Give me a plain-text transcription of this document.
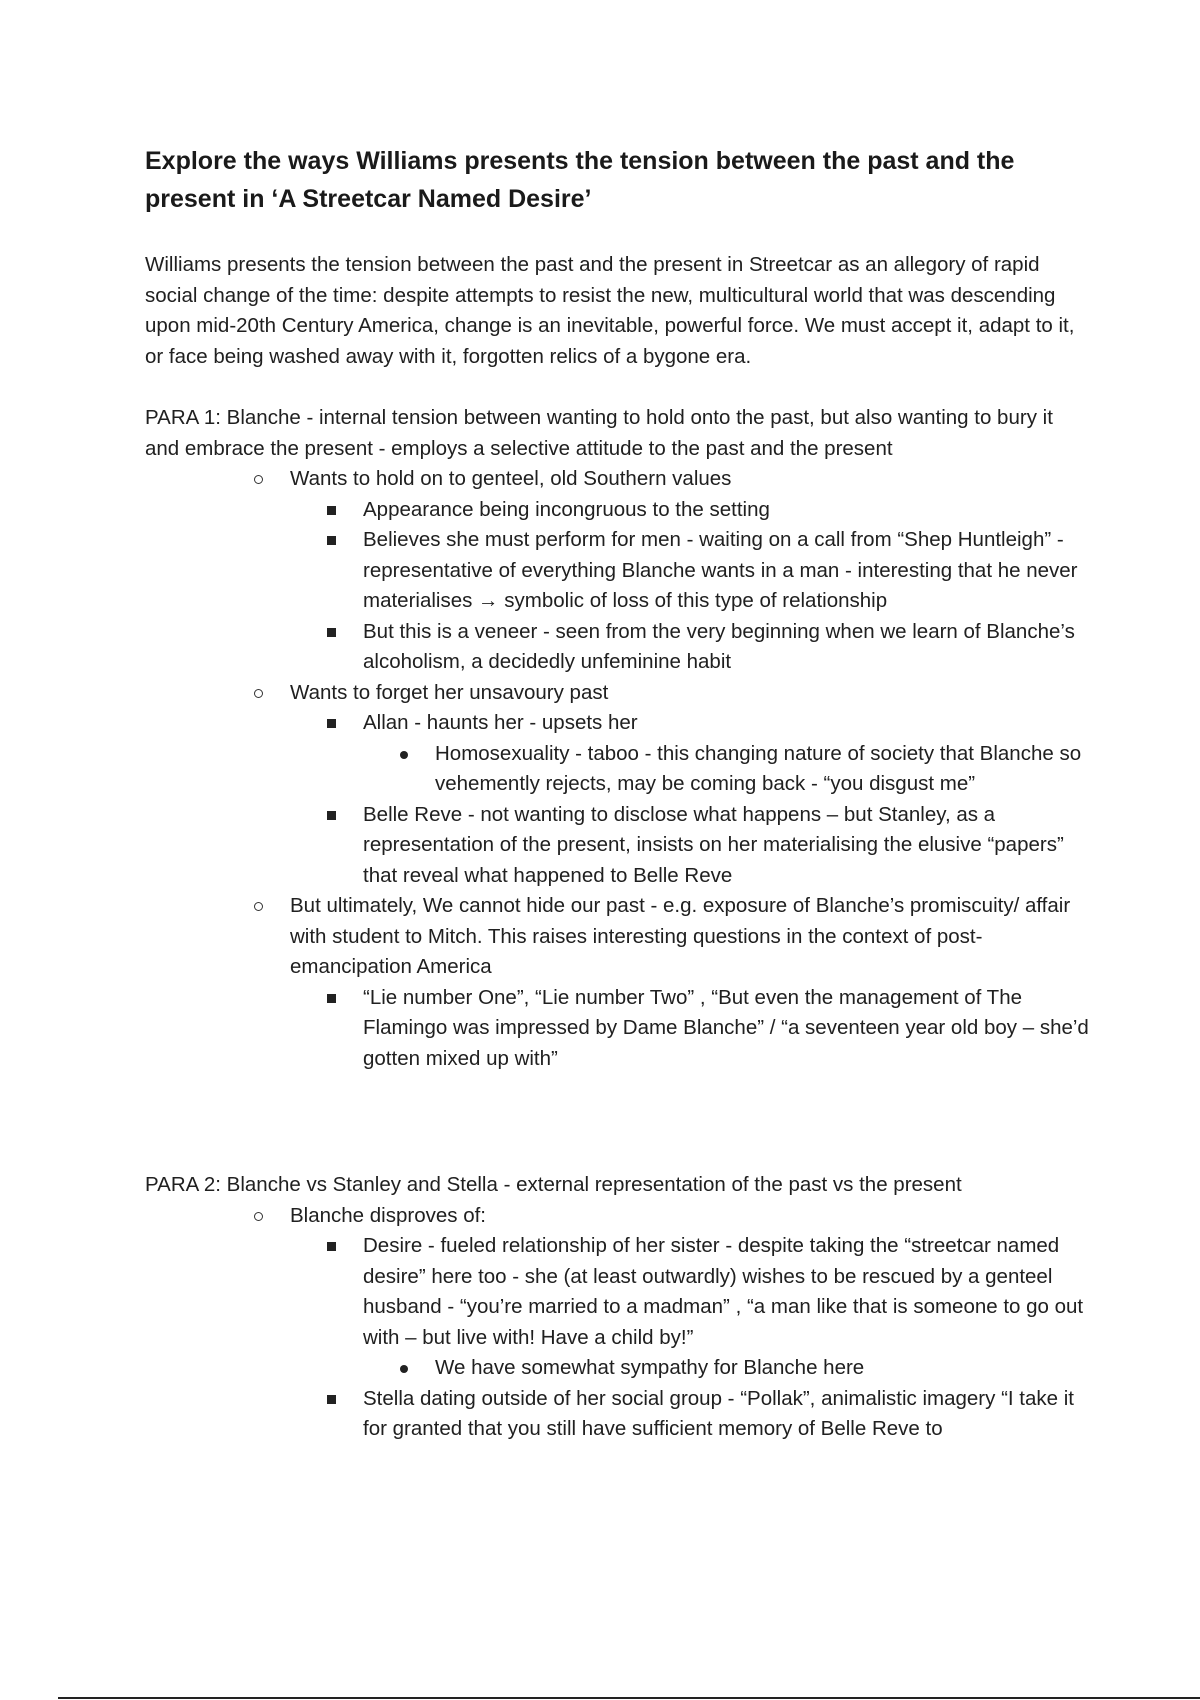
Explore the ways Williams presents the tension between the past and the present in ‘A Streetcar Named Desire’

Williams presents the tension between the past and the present in Streetcar as an allegory of rapid social change of the time: despite attempts to resist the new, multicultural world that was descending upon mid-20th Century America, change is an inevitable, powerful force. We must accept it, adapt to it, or face being washed away with it, forgotten relics of a bygone era.

PARA 1: Blanche - internal tension between wanting to hold onto the past, but also wanting to bury it and embrace the present - employs a selective attitude to the past and the present

Wants to hold on to genteel, old Southern values
Appearance being incongruous to the setting
Believes she must perform for men - waiting on a call from “Shep Huntleigh” - representative of everything Blanche wants in a man - interesting that he never materialises → symbolic of loss of this type of relationship
But this is a veneer - seen from the very beginning when we learn of Blanche’s alcoholism, a decidedly unfeminine habit
Wants to forget her unsavoury past
Allan - haunts her - upsets her
Homosexuality - taboo - this changing nature of society that Blanche so vehemently rejects, may be coming back - “you disgust me”
Belle Reve - not wanting to disclose what happens – but Stanley, as a representation of the present, insists on her materialising the elusive “papers” that reveal what happened to Belle Reve
But ultimately, We cannot hide our past - e.g. exposure of Blanche’s promiscuity/ affair with student to Mitch. This raises interesting questions in the context of post-emancipation America
“Lie number One”, “Lie number Two” , “But even the management of The Flamingo was impressed by Dame Blanche” / “a seventeen year old boy – she’d gotten mixed up with”

PARA 2: Blanche vs Stanley and Stella - external representation of the past vs the present

Blanche disproves of:
Desire - fueled relationship of her sister - despite taking the “streetcar named desire” here too - she (at least outwardly) wishes to be rescued by a genteel husband - “you’re married to a madman” , “a man like that is someone to go out with – but live with! Have a child by!”
We have somewhat sympathy for Blanche here
Stella dating outside of her social group - “Pollak”, animalistic imagery “I take it for granted that you still have sufficient memory of Belle Reve to
